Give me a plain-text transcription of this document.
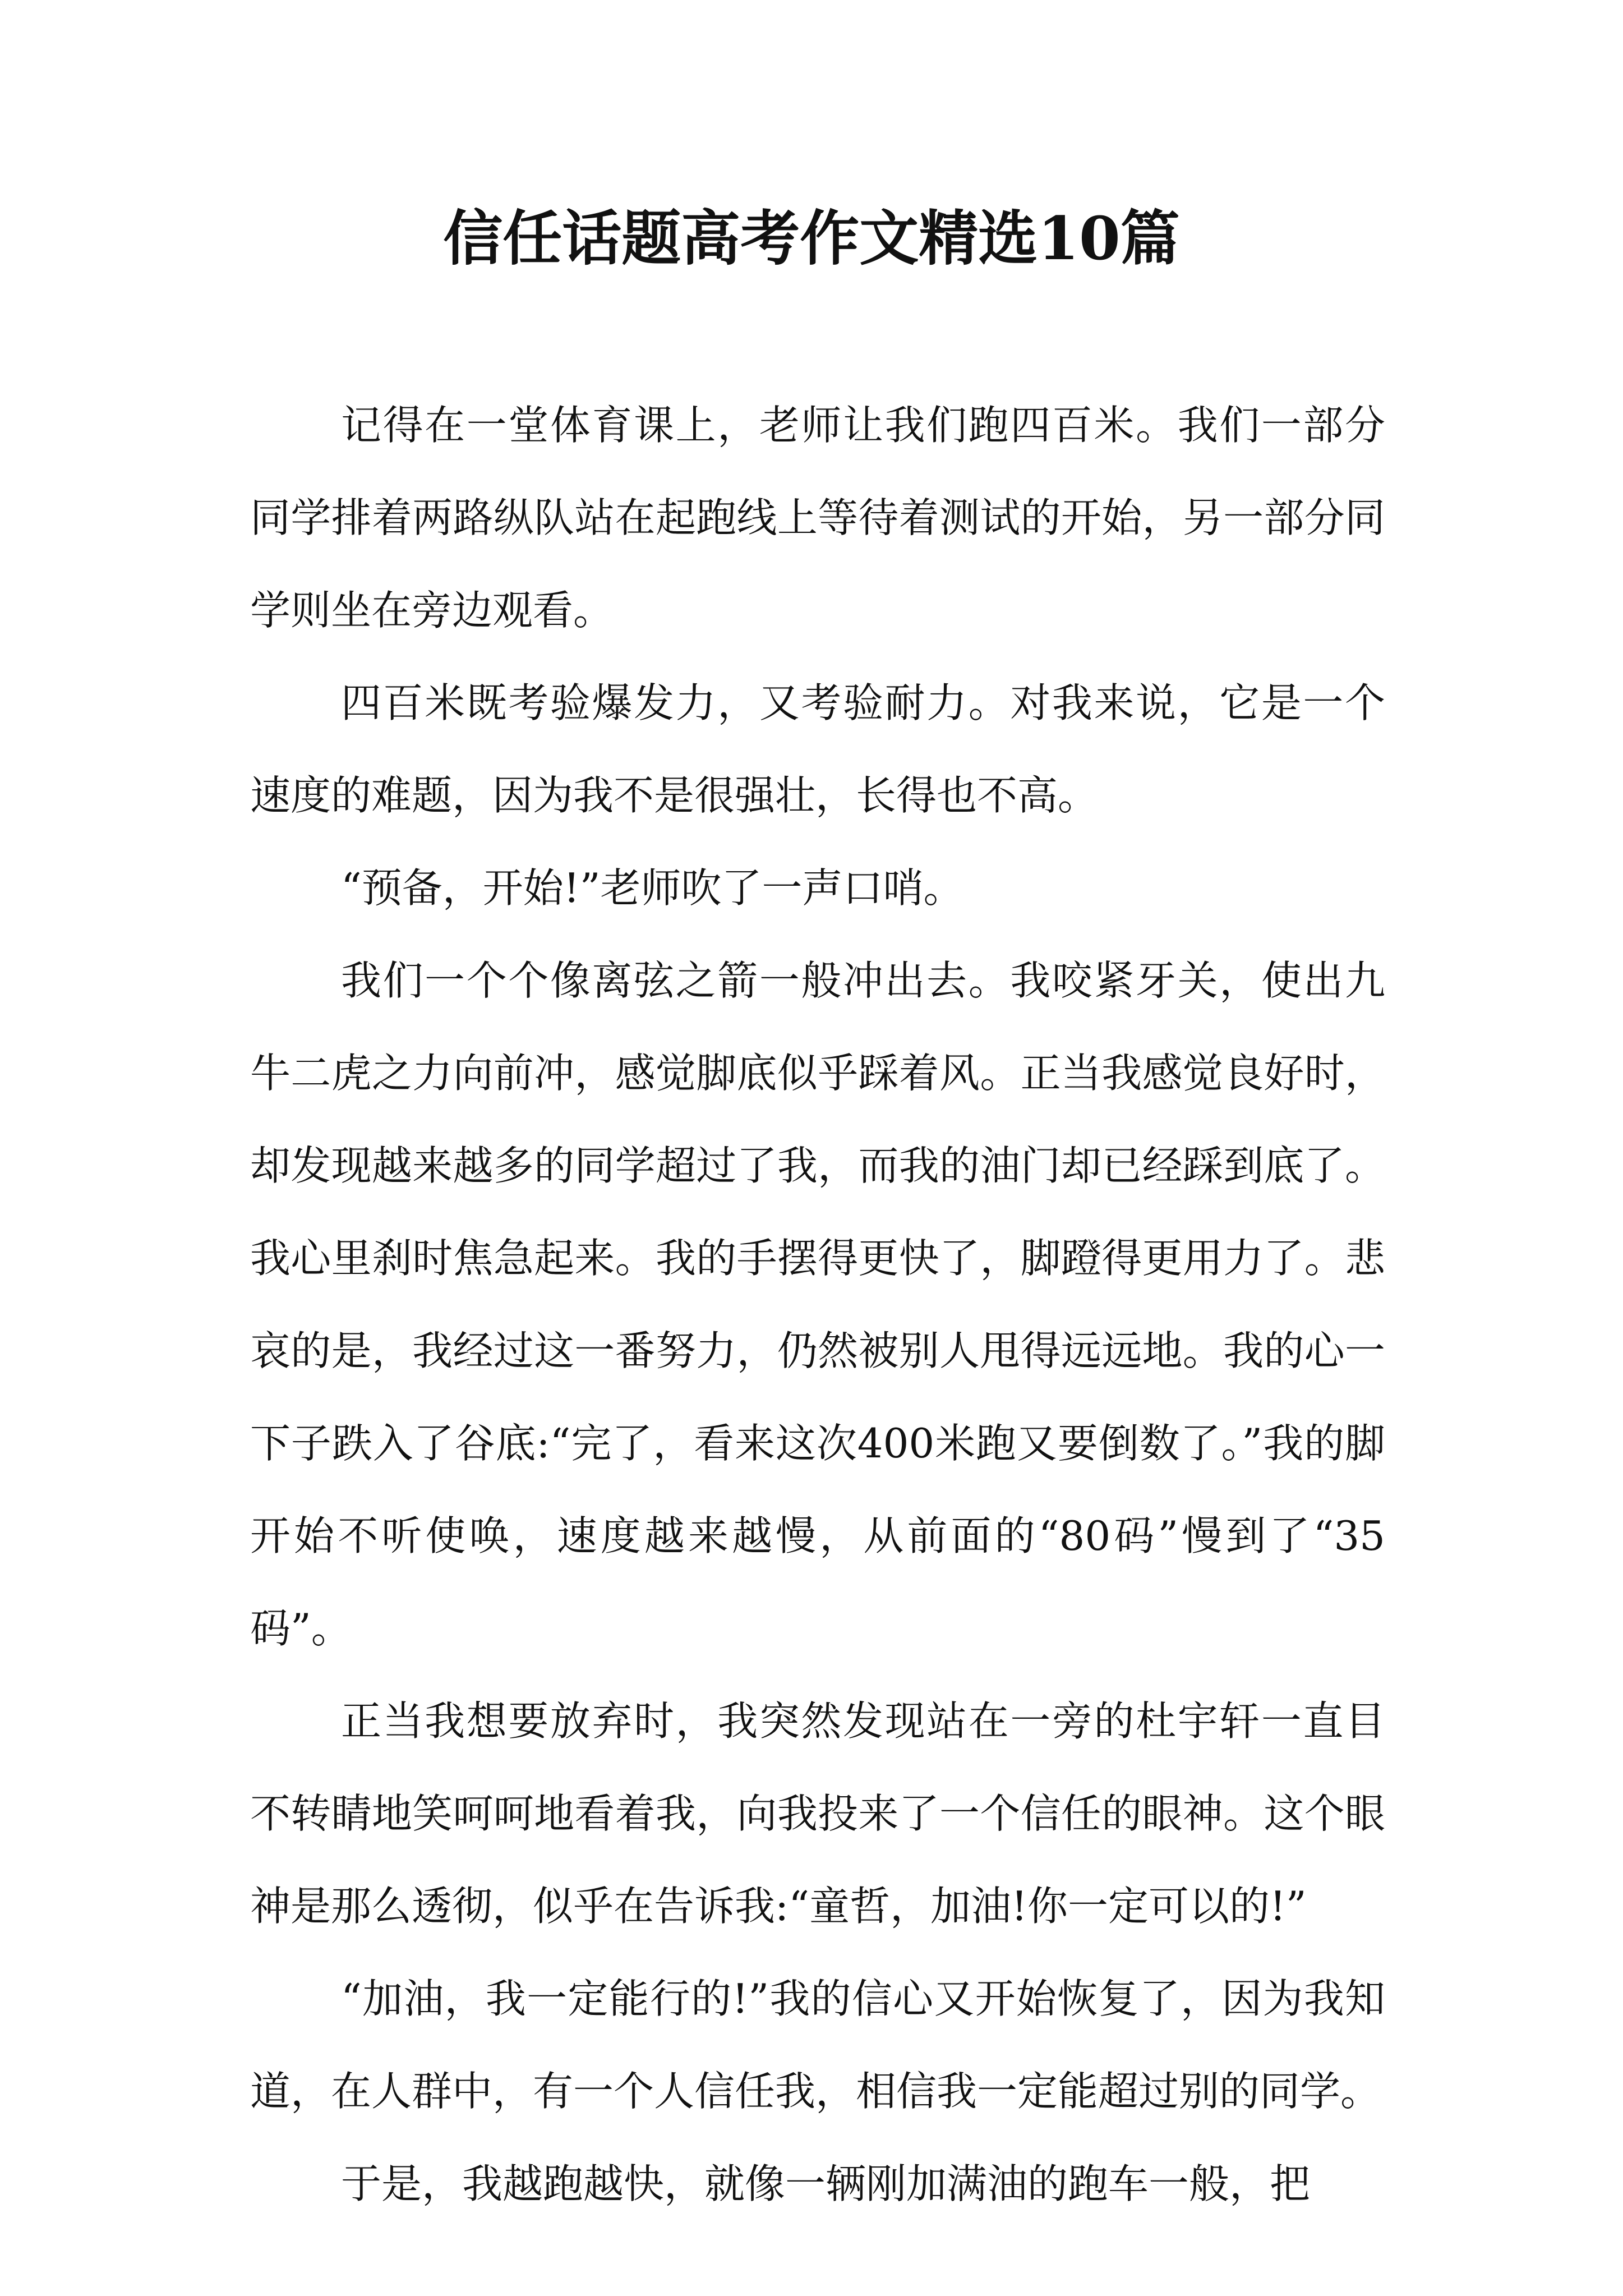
信任话题高考作文精选10篇

记得在一堂体育课上，老师让我们跑四百米。我们一部分同学排着两路纵队站在起跑线上等待着测试的开始，另一部分同学则坐在旁边观看。

四百米既考验爆发力，又考验耐力。对我来说，它是一个速度的难题，因为我不是很强壮，长得也不高。

“预备，开始!”老师吹了一声口哨。

我们一个个像离弦之箭一般冲出去。我咬紧牙关，使出九牛二虎之力向前冲，感觉脚底似乎踩着风。正当我感觉良好时，却发现越来越多的同学超过了我，而我的油门却已经踩到底了。我心里刹时焦急起来。我的手摆得更快了，脚蹬得更用力了。悲哀的是，我经过这一番努力，仍然被别人甩得远远地。我的心一下子跌入了谷底:“完了，看来这次400米跑又要倒数了。”我的脚开始不听使唤，速度越来越慢，从前面的“80码”慢到了“35码”。

正当我想要放弃时，我突然发现站在一旁的杜宇轩一直目不转睛地笑呵呵地看着我，向我投来了一个信任的眼神。这个眼神是那么透彻，似乎在告诉我:“童哲，加油!你一定可以的!”

“加油，我一定能行的!”我的信心又开始恢复了，因为我知道，在人群中，有一个人信任我，相信我一定能超过别的同学。

于是，我越跑越快，就像一辆刚加满油的跑车一般，把
